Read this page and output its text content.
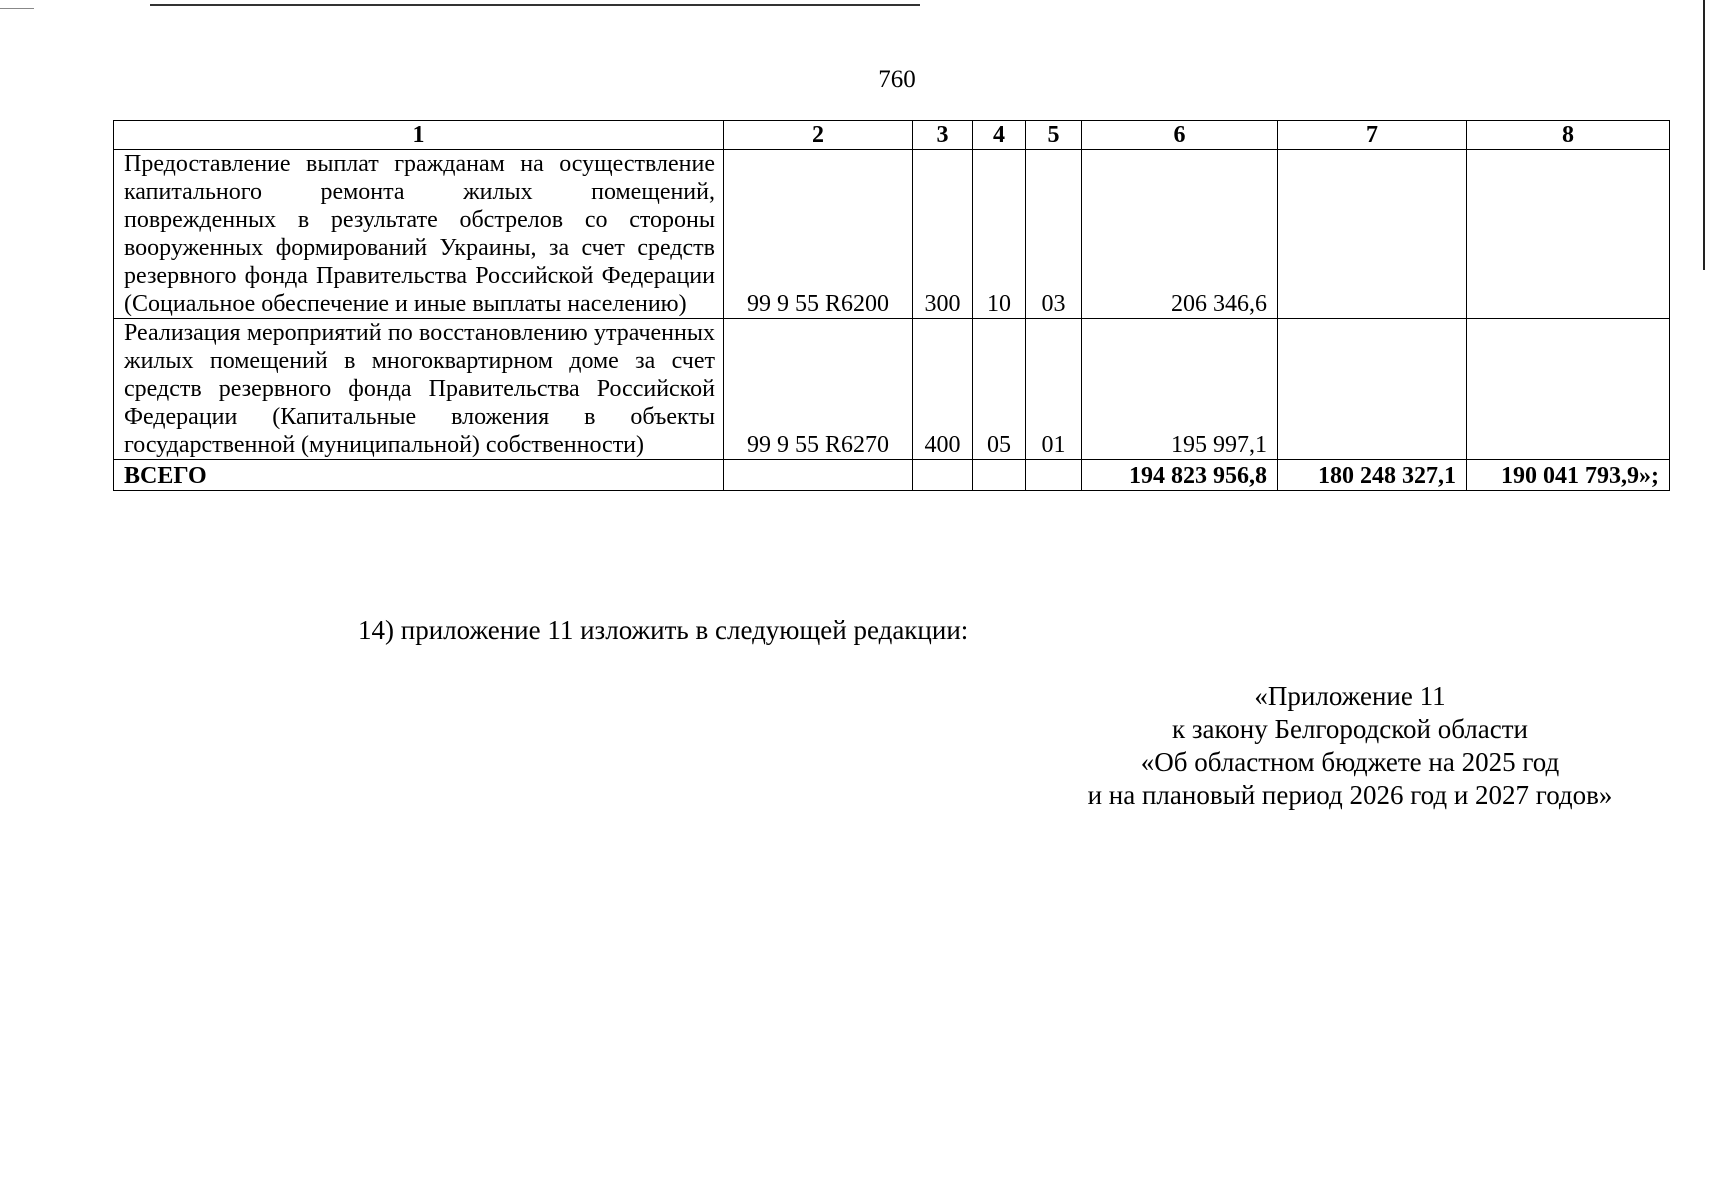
760
1	2	3	4	5	6	7	8
Предоставление выплат гражданам на осуществление капитального ремонта жилых помещений, поврежденных в результате обстрелов со стороны вооруженных формирований Украины, за счет средств резервного фонда Правительства Российской Федерации (Социальное обеспечение и иные выплаты населению)	99 9 55 R6200	300	10	03	206 346,6		
Реализация мероприятий по восстановлению утраченных жилых помещений в многоквартирном доме за счет средств резервного фонда Правительства Российской Федерации (Капитальные вложения в объекты государственной (муниципальной) собственности)	99 9 55 R6270	400	05	01	195 997,1		
ВСЕГО					194 823 956,8	180 248 327,1	190 041 793,9»;
14) приложение 11 изложить в следующей редакции:
«Приложение 11
к закону Белгородской области
«Об областном бюджете на 2025 год
и на плановый период 2026 год и 2027 годов»
